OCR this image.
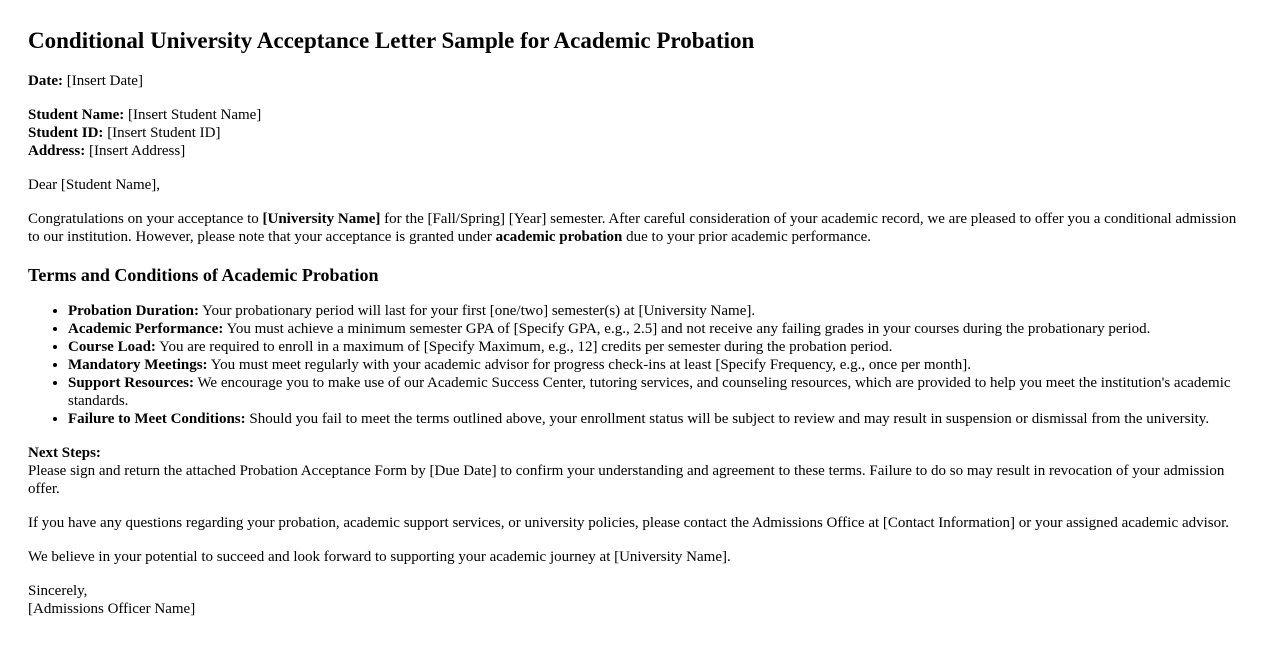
Conditional University Acceptance Letter Sample for Academic Probation

Date: [Insert Date]

Student Name: [Insert Student Name]
Student ID: [Insert Student ID]
Address: [Insert Address]

Dear [Student Name],

Congratulations on your acceptance to [University Name] for the [Fall/Spring] [Year] semester. After careful consideration of your academic record, we are pleased to offer you a conditional admission to our institution. However, please note that your acceptance is granted under academic probation due to your prior academic performance.

Terms and Conditions of Academic Probation
• Probation Duration: Your probationary period will last for your first [one/two] semester(s) at [University Name].
• Academic Performance: You must achieve a minimum semester GPA of [Specify GPA, e.g., 2.5] and not receive any failing grades in your courses during the probationary period.
• Course Load: You are required to enroll in a maximum of [Specify Maximum, e.g., 12] credits per semester during the probation period.
• Mandatory Meetings: You must meet regularly with your academic advisor for progress check-ins at least [Specify Frequency, e.g., once per month].
• Support Resources: We encourage you to make use of our Academic Success Center, tutoring services, and counseling resources, which are provided to help you meet the institution's academic standards.
• Failure to Meet Conditions: Should you fail to meet the terms outlined above, your enrollment status will be subject to review and may result in suspension or dismissal from the university.

Next Steps:
Please sign and return the attached Probation Acceptance Form by [Due Date] to confirm your understanding and agreement to these terms. Failure to do so may result in revocation of your admission offer.

If you have any questions regarding your probation, academic support services, or university policies, please contact the Admissions Office at [Contact Information] or your assigned academic advisor.

We believe in your potential to succeed and look forward to supporting your academic journey at [University Name].

Sincerely,
[Admissions Officer Name]
